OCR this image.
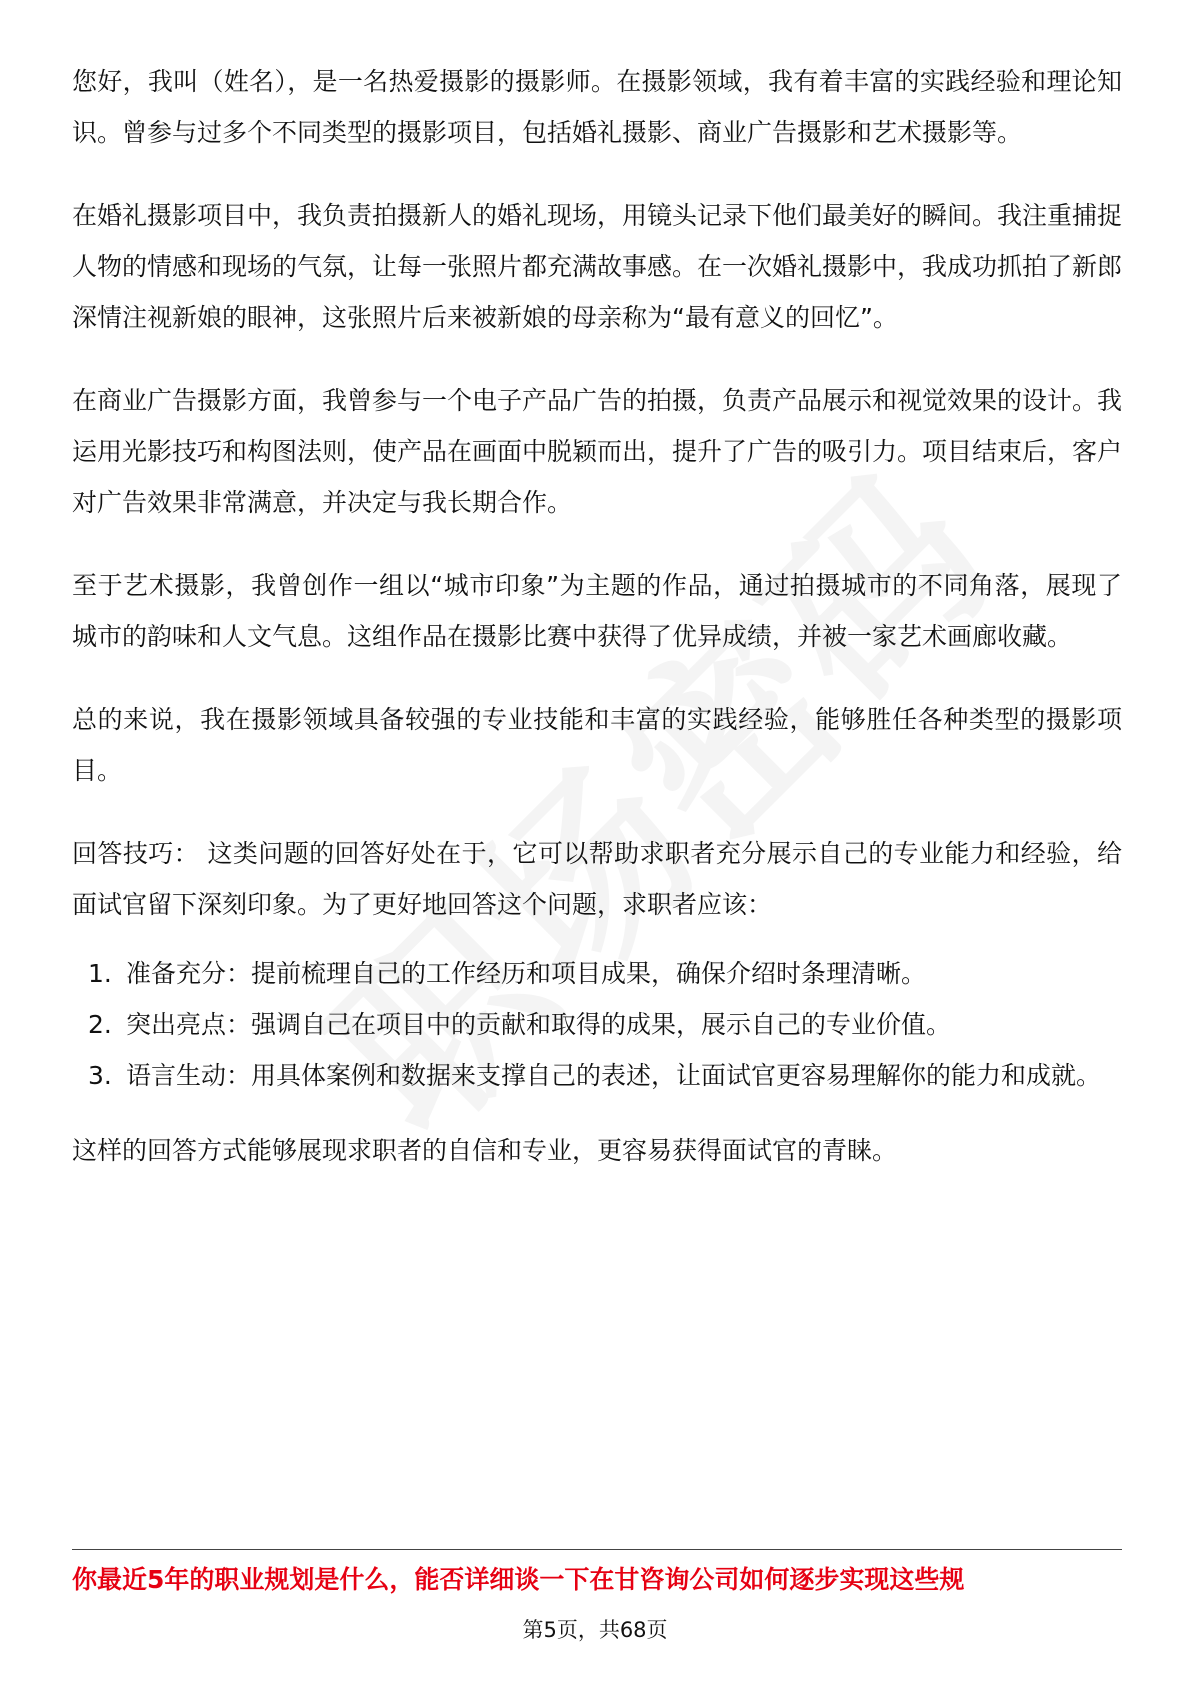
您好，我叫（姓名），是一名热爱摄影的摄影师。在摄影领域，我有着丰富的实践经验和理论知识。曾参与过多个不同类型的摄影项目，包括婚礼摄影、商业广告摄影和艺术摄影等。

在婚礼摄影项目中，我负责拍摄新人的婚礼现场，用镜头记录下他们最美好的瞬间。我注重捕捉人物的情感和现场的气氛，让每一张照片都充满故事感。在一次婚礼摄影中，我成功抓拍了新郎深情注视新娘的眼神，这张照片后来被新娘的母亲称为“最有意义的回忆”。

在商业广告摄影方面，我曾参与一个电子产品广告的拍摄，负责产品展示和视觉效果的设计。我运用光影技巧和构图法则，使产品在画面中脱颖而出，提升了广告的吸引力。项目结束后，客户对广告效果非常满意，并决定与我长期合作。

至于艺术摄影，我曾创作一组以“城市印象”为主题的作品，通过拍摄城市的不同角落，展现了城市的韵味和人文气息。这组作品在摄影比赛中获得了优异成绩，并被一家艺术画廊收藏。

总的来说，我在摄影领域具备较强的专业技能和丰富的实践经验，能够胜任各种类型的摄影项目。

回答技巧： 这类问题的回答好处在于，它可以帮助求职者充分展示自己的专业能力和经验，给面试官留下深刻印象。为了更好地回答这个问题，求职者应该：

1. 准备充分：提前梳理自己的工作经历和项目成果，确保介绍时条理清晰。
2. 突出亮点：强调自己在项目中的贡献和取得的成果，展示自己的专业价值。
3. 语言生动：用具体案例和数据来支撑自己的表述，让面试官更容易理解你的能力和成就。

这样的回答方式能够展现求职者的自信和专业，更容易获得面试官的青睐。

你最近5年的职业规划是什么，能否详细谈一下在甘咨询公司如何逐步实现这些规
第5页，共68页
